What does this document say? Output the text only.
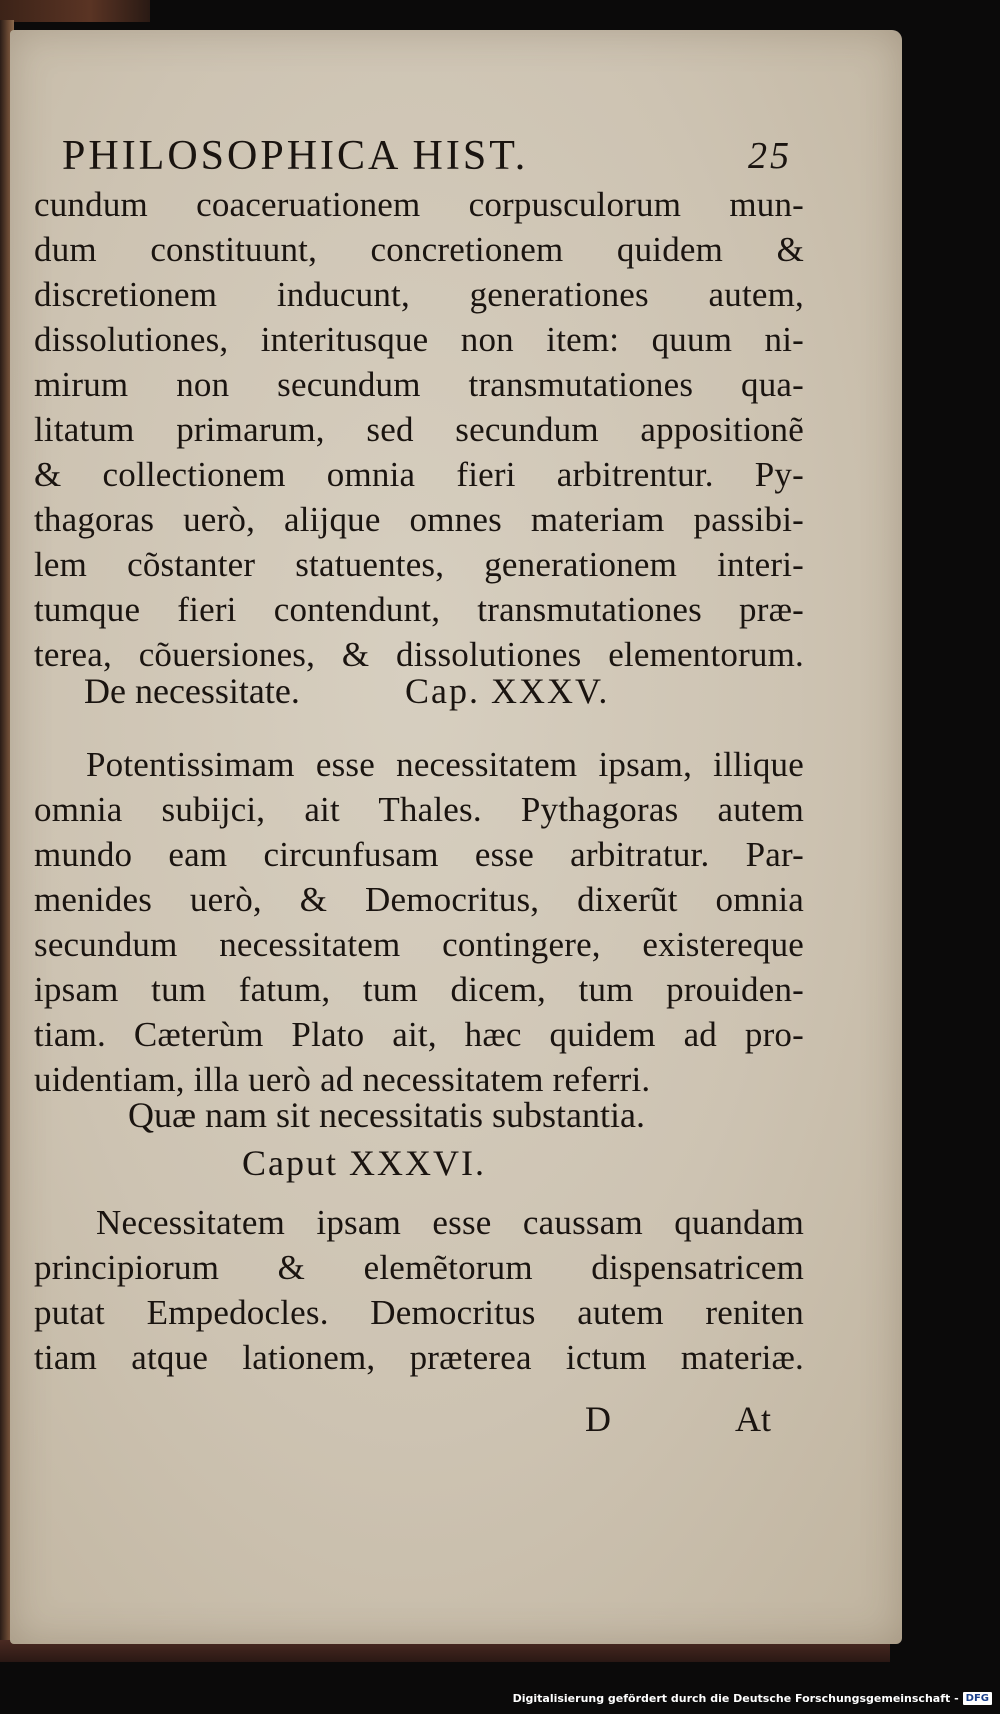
PHILOSOPHICA HIST.	25
cundum coaceruationem corpusculorum mun-
dum constituunt, concretionem quidem &
discretionem inducunt, generationes autem,
dissolutiones, interitusque non item: quum ni-
mirum non secundum transmutationes qua-
litatum primarum, sed secundum appositionẽ
& collectionem omnia fieri arbitrentur. Py-
thagoras uerò, alijque omnes materiam passibi-
lem cõstanter statuentes, generationem interi-
tumque fieri contendunt, transmutationes præ-
terea, cõuersiones, & dissolutiones elementorum.
De necessitate.	Cap. XXXV.
Potentissimam esse necessitatem ipsam, illique
omnia subijci, ait Thales. Pythagoras autem
mundo eam circunfusam esse arbitratur. Par-
menides uerò, & Democritus, dixerũt omnia
secundum necessitatem contingere, existereque
ipsam tum fatum, tum dicem, tum prouiden-
tiam. Cæterùm Plato ait, hæc quidem ad pro-
uidentiam, illa uerò ad necessitatem referri.
Quæ nam sit necessitatis substantia.
Caput XXXVI.
Necessitatem ipsam esse caussam quandam
principiorum & elemẽtorum dispensatricem
putat Empedocles. Democritus autem reniten
tiam atque lationem, præterea ictum materiæ.
D	At
Digitalisierung gefördert durch die Deutsche Forschungsgemeinschaft - DFG
